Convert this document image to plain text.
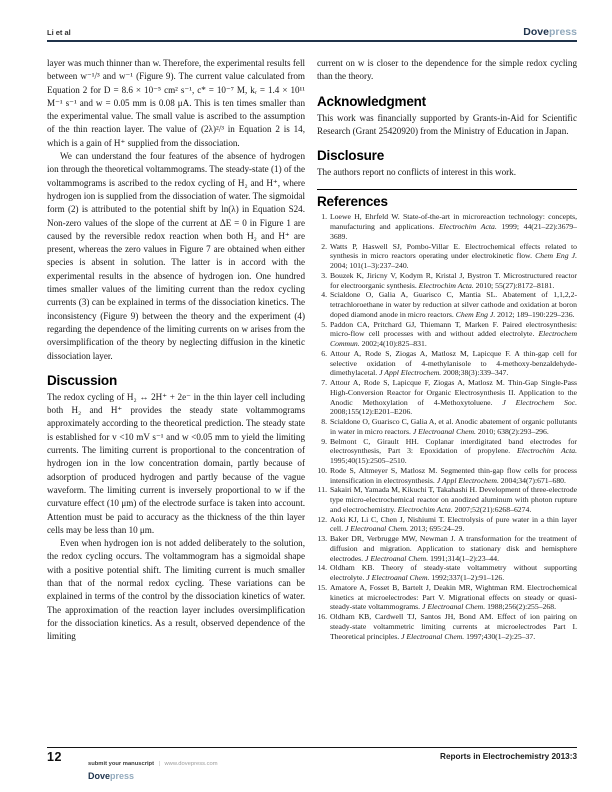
Li et al	Dovepress

layer was much thinner than w. Therefore, the experimental results fell between w⁻¹/³ and w⁻¹ (Figure 9). The current value calculated from Equation 2 for D = 8.6 × 10⁻⁵ cm² s⁻¹, c* = 10⁻⁷ M, kᵣ = 1.4 × 10¹¹ M⁻¹ s⁻¹ and w = 0.05 mm is 0.08 μA. This is ten times smaller than the experimental value. The small value is ascribed to the assumption of the thin reaction layer. The value of (2λ)²/³ in Equation 2 is 14, which is a gain of H⁺ supplied from the dissociation.

We can understand the four features of the absence of hydrogen ion through the theoretical voltammograms. The steady-state (1) of the voltammograms is ascribed to the redox cycling of H₂ and H⁺, where hydrogen ion is supplied from the dissociation of water. The sigmoidal form (2) is attributed to the potential shift by ln(λ) in Equation S24. Non-zero values of the slope of the current at ΔE = 0 in Figure 1 are caused by the reversible redox reaction when both H₂ and H⁺ are present, whereas the zero values in Figure 7 are obtained when either species is absent in solution. The latter is in accord with the experimental results in the absence of hydrogen ion. One hundred times smaller values of the limiting current than the redox cycling currents (3) can be explained in terms of the dissociation kinetics. The inconsistency (Figure 9) between the theory and the experiment (4) regarding the dependence of the limiting currents on w arises from the oversimplification of the theory by neglecting diffusion in the kinetic dissociation layer.

Discussion

The redox cycling of H₂ ↔ 2H⁺ + 2e⁻ in the thin layer cell including both H₂ and H⁺ provides the steady state voltammograms approximately according to the theoretical prediction. The steady state is established for v <10 mV s⁻¹ and w <0.05 mm to yield the limiting currents. The limiting current is proportional to the concentration of hydrogen ion in the low concentration domain, partly because of adsorption of produced hydrogen and partly because of the vague waveform. The limiting current is inversely proportional to w if the curvature effect (10 μm) of the electrode surface is taken into account. Attention must be paid to accuracy as the thickness of the thin layer cells may be less than 10 μm.

Even when hydrogen ion is not added deliberately to the solution, the redox cycling occurs. The voltammogram has a sigmoidal shape with a positive potential shift. The limiting current is much smaller than that of the normal redox cycling. These variations can be explained in terms of the control by the dissociation kinetics of water. The approximation of the reaction layer includes oversimplification for the dissociation kinetics. As a result, observed dependence of the limiting

current on w is closer to the dependence for the simple redox cycling than the theory.

Acknowledgment

This work was financially supported by Grants-in-Aid for Scientific Research (Grant 25420920) from the Ministry of Education in Japan.

Disclosure

The authors report no conflicts of interest in this work.

References
1. Loewe H, Ehrfeld W. State-of-the-art in microreaction technology: concepts, manufacturing and applications. Electrochim Acta. 1999; 44(21–22):3679–3689.
2. Watts P, Haswell SJ, Pombo-Villar E. Electrochemical effects related to synthesis in micro reactors operating under electrokinetic flow. Chem Eng J. 2004; 101(1–3):237–240.
3. Bouzek K, Jiricny V, Kodym R, Kristal J, Bystron T. Microstructured reactor for electroorganic synthesis. Electrochim Acta. 2010; 55(27):8172–8181.
4. Scialdone O, Galia A, Guarisco C, Mantia SL. Abatement of 1,1,2,2-tetrachloroethane in water by reduction at silver cathode and oxidation at boron doped diamond anode in micro reactors. Chem Eng J. 2012; 189–190:229–236.
5. Paddon CA, Pritchard GJ, Thiemann T, Marken F. Paired electrosynthesis: micro-flow cell processes with and without added electrolyte. Electrochem Commun. 2002;4(10):825–831.
6. Attour A, Rode S, Ziogas A, Matlosz M, Lapicque F. A thin-gap cell for selective oxidation of 4-methylanisole to 4-methoxy-benzaldehyde-dimethylacetal. J Appl Electrochem. 2008;38(3):339–347.
7. Attour A, Rode S, Lapicque F, Ziogas A, Matlosz M. Thin-Gap Single-Pass High-Conversion Reactor for Organic Electrosynthesis II. Application to the Anodic Methoxylation of 4-Methoxytoluene. J Electrochem Soc. 2008;155(12):E201–E206.
8. Scialdone O, Guarisco C, Galia A, et al. Anodic abatement of organic pollutants in water in micro reactors. J Electroanal Chem. 2010; 638(2):293–296.
9. Belmont C, Girault HH. Coplanar interdigitated band electrodes for electrosynthesis, Part 3: Epoxidation of propylene. Electrochim Acta. 1995;40(15):2505–2510.
10. Rode S, Altmeyer S, Matlosz M. Segmented thin-gap flow cells for process intensification in electrosynthesis. J Appl Electrochem. 2004;34(7):671–680.
11. Sakairi M, Yamada M, Kikuchi T, Takahashi H. Development of three-electrode type micro-electrochemical reactor on anodized aluminum with photon rupture and electrochemistry. Electrochim Acta. 2007;52(21):6268–6274.
12. Aoki KJ, Li C, Chen J, Nishiumi T. Electrolysis of pure water in a thin layer cell. J Electroanal Chem. 2013; 695:24–29.
13. Baker DR, Verbrugge MW, Newman J. A transformation for the treatment of diffusion and migration. Application to stationary disk and hemisphere electrodes. J Electroanal Chem. 1991;314(1–2):23–44.
14. Oldham KB. Theory of steady-state voltammetry without supporting electrolyte. J Electroanal Chem. 1992;337(1–2):91–126.
15. Amatore A, Fosset B, Bartelt J, Deakin MR, Wightman RM. Electrochemical kinetics at microelectrodes: Part V. Migrational effects on steady or quasi-steady-state voltammograms. J Electroanal Chem. 1988;256(2):255–268.
16. Oldham KB, Cardwell TJ, Santos JH, Bond AM. Effect of ion pairing on steady-state voltammetric limiting currents at microelectrodes Part I. Theoretical principles. J Electroanal Chem. 1997;430(1–2):25–37.
12	submit your manuscript | www.dovepress.com
Dovepress
Reports in Electrochemistry 2013:3
